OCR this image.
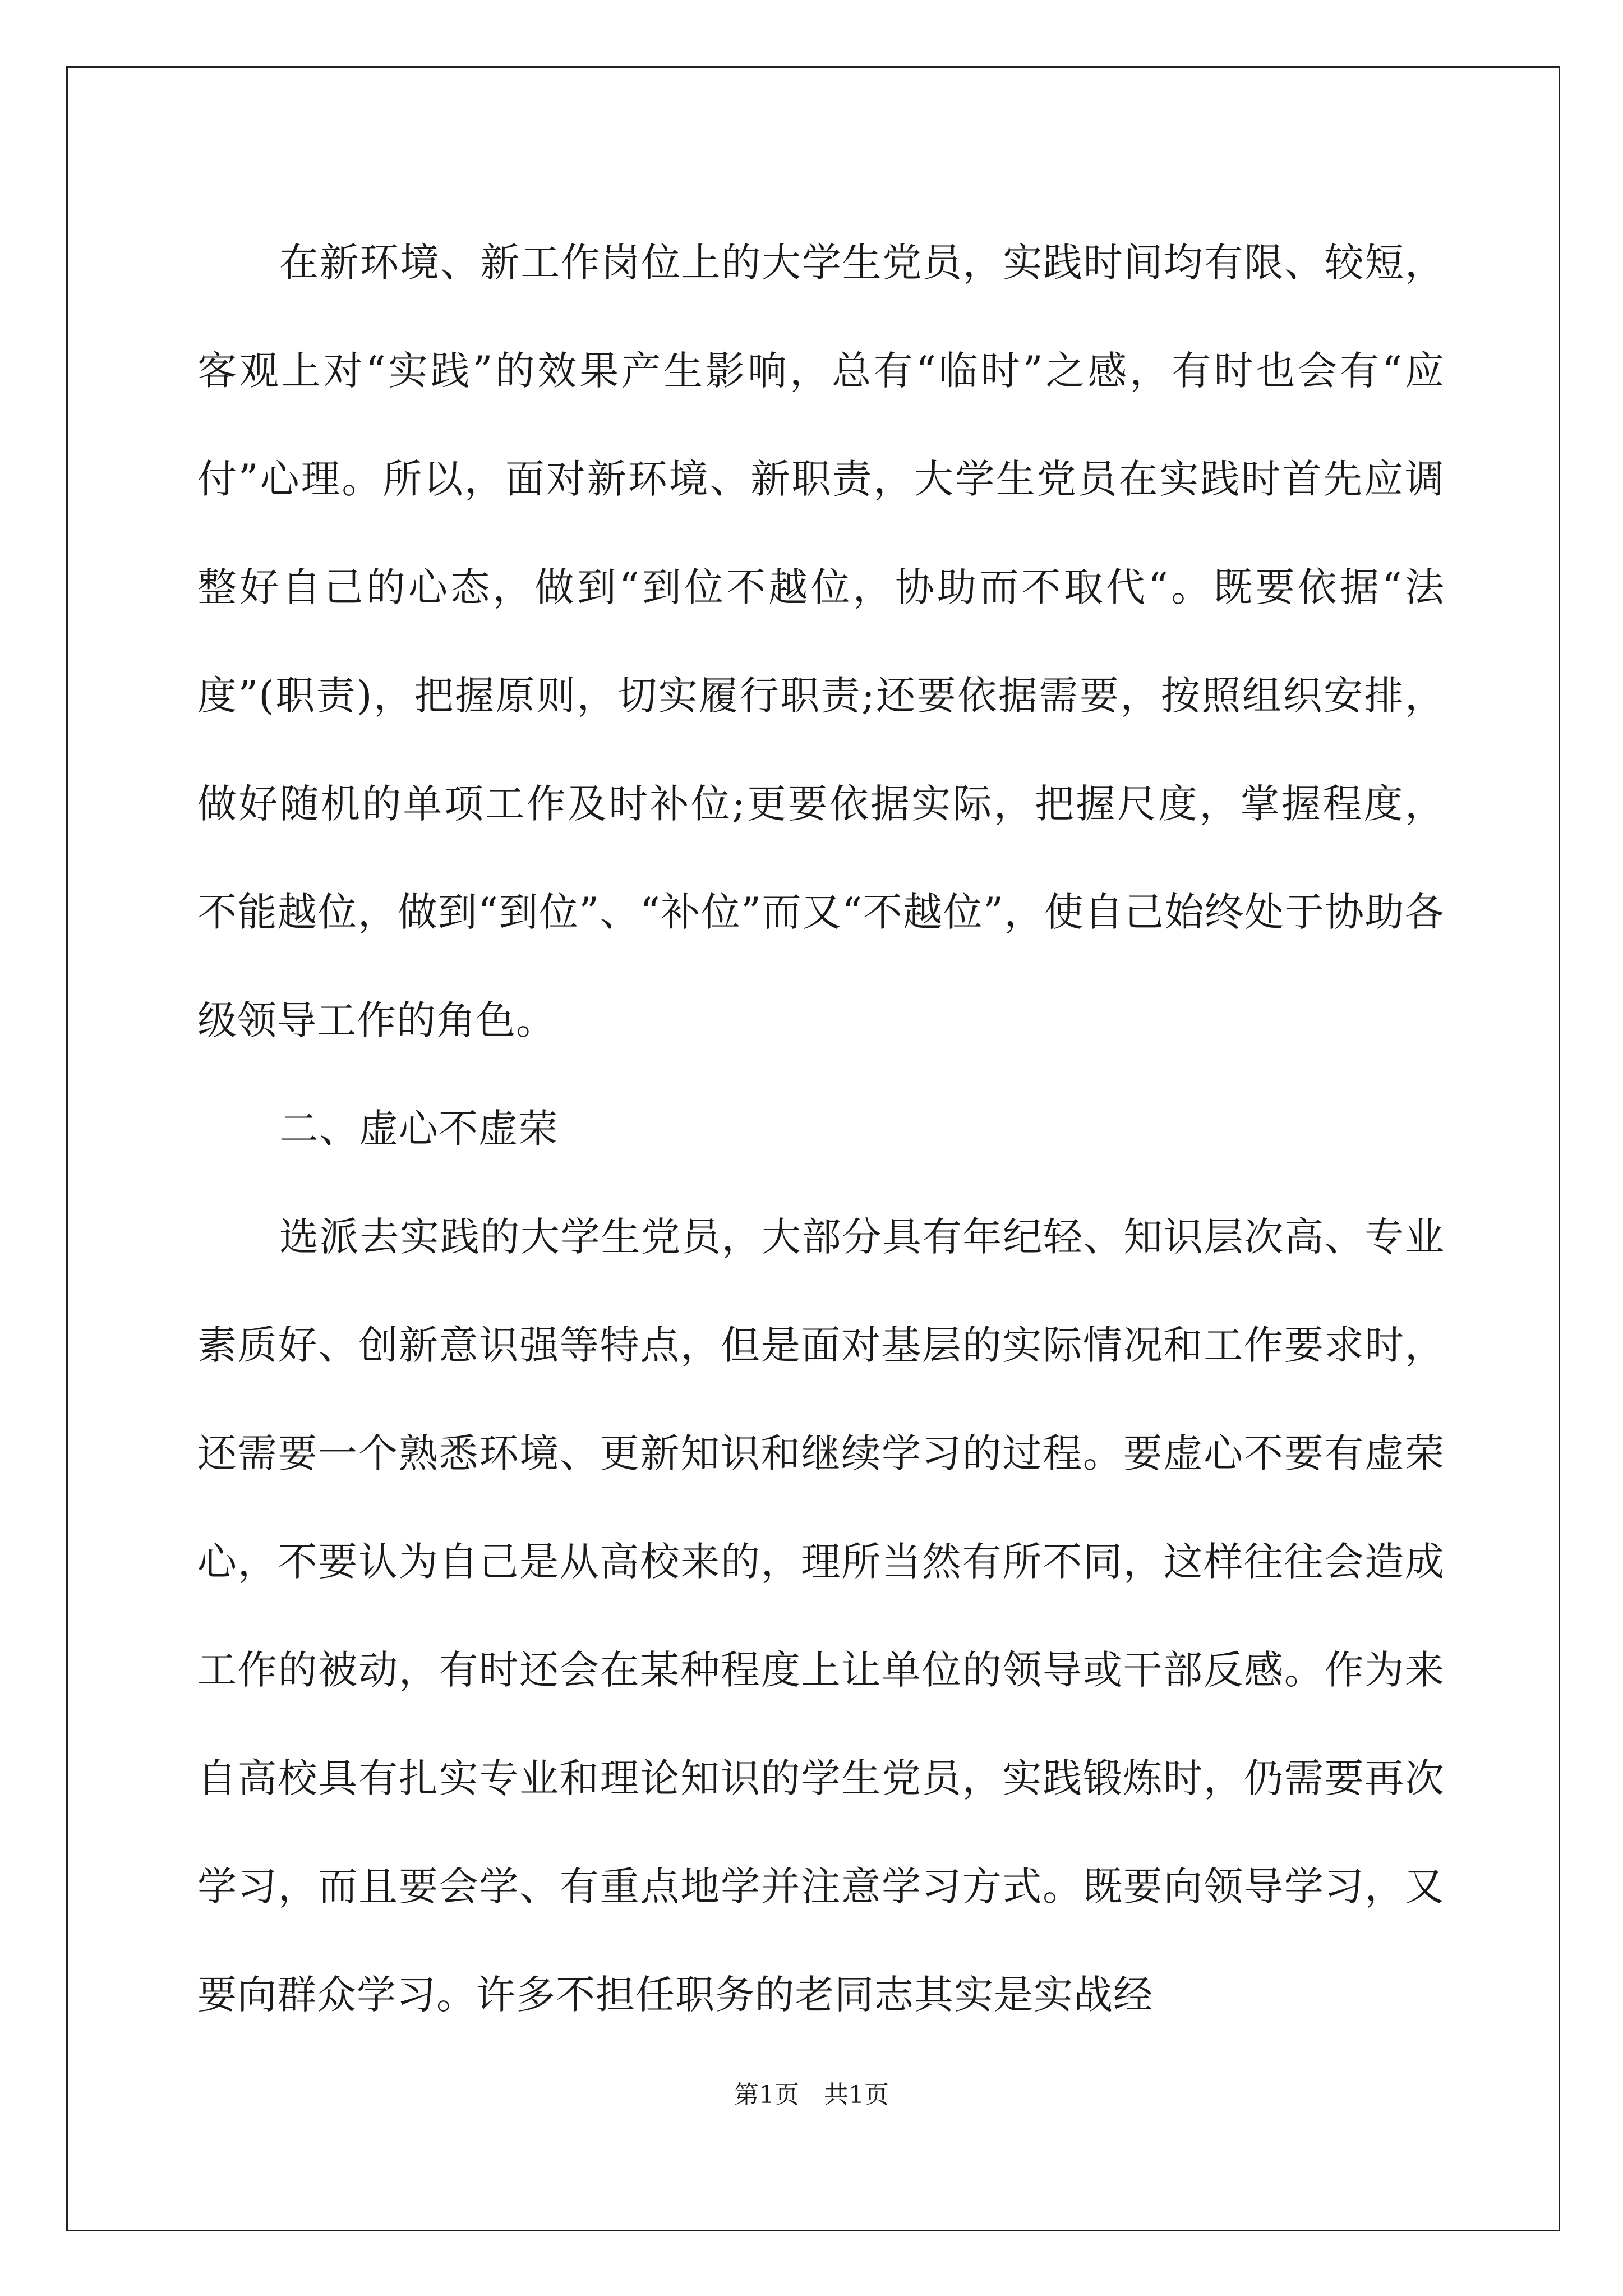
在新环境、新工作岗位上的大学生党员，实践时间均有限、较短，客观上对“实践”的效果产生影响，总有“临时”之感，有时也会有“应付”心理。所以，面对新环境、新职责，大学生党员在实践时首先应调整好自己的心态，做到“到位不越位，协助而不取代“。既要依据“法度”(职责)，把握原则，切实履行职责;还要依据需要，按照组织安排，做好随机的单项工作及时补位;更要依据实际，把握尺度，掌握程度，不能越位，做到“到位”、“补位”而又“不越位”，使自己始终处于协助各级领导工作的角色。

二、虚心不虚荣

选派去实践的大学生党员，大部分具有年纪轻、知识层次高、专业素质好、创新意识强等特点，但是面对基层的实际情况和工作要求时，还需要一个熟悉环境、更新知识和继续学习的过程。要虚心不要有虚荣心，不要认为自己是从高校来的，理所当然有所不同，这样往往会造成工作的被动，有时还会在某种程度上让单位的领导或干部反感。作为来自高校具有扎实专业和理论知识的学生党员，实践锻炼时，仍需要再次学习，而且要会学、有重点地学并注意学习方式。既要向领导学习，又要向群众学习。许多不担任职务的老同志其实是实战经

第1页　共1页
